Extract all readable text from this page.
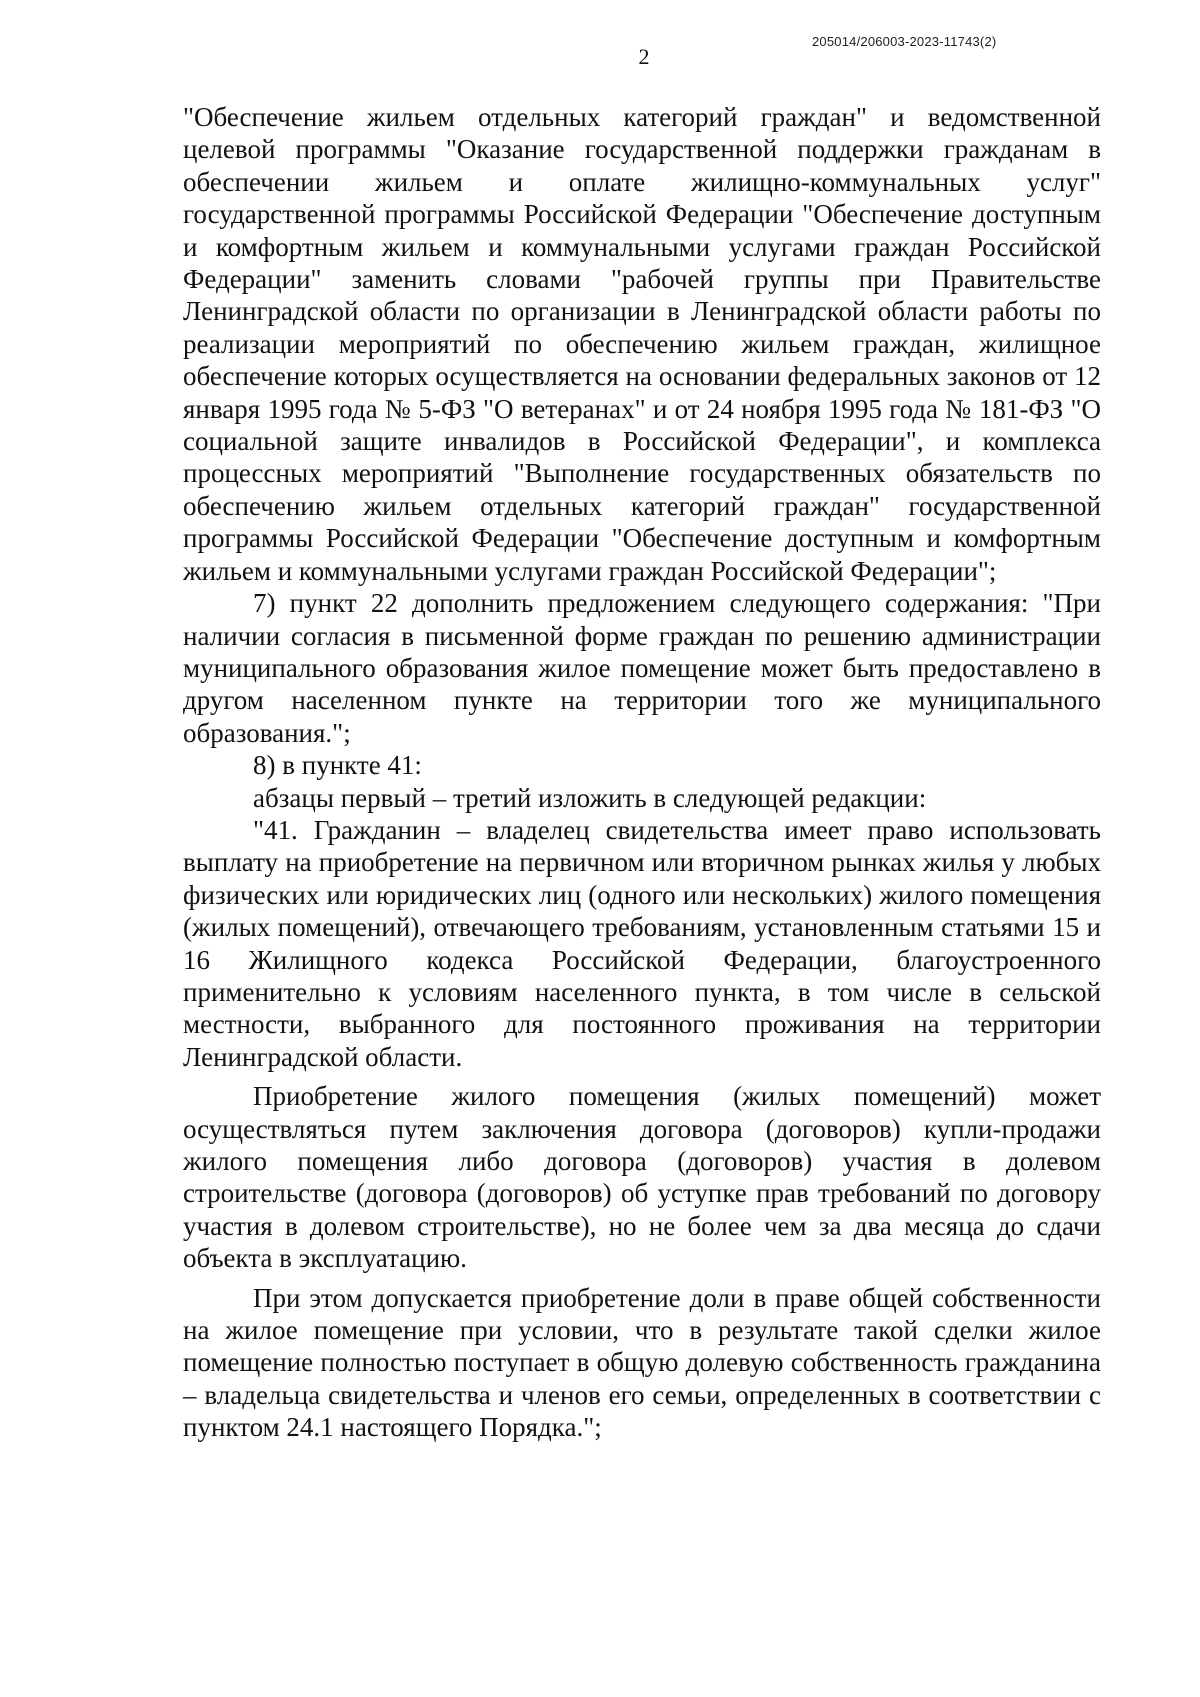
205014/206003-2023-11743(2)
2

"Обеспечение жильем отдельных категорий граждан" и ведомственной целевой программы "Оказание государственной поддержки гражданам в обеспечении жильем и оплате жилищно-коммунальных услуг" государственной программы Российской Федерации "Обеспечение доступным и комфортным жильем и коммунальными услугами граждан Российской Федерации" заменить словами "рабочей группы при Правительстве Ленинградской области по организации в Ленинградской области работы по реализации мероприятий по обеспечению жильем граждан, жилищное обеспечение которых осуществляется на основании федеральных законов от 12 января 1995 года № 5-ФЗ "О ветеранах" и от 24 ноября 1995 года № 181-ФЗ "О социальной защите инвалидов в Российской Федерации", и комплекса процессных мероприятий "Выполнение государственных обязательств по обеспечению жильем отдельных категорий граждан" государственной программы Российской Федерации "Обеспечение доступным и комфортным жильем и коммунальными услугами граждан Российской Федерации";

7) пункт 22 дополнить предложением следующего содержания: "При наличии согласия в письменной форме граждан по решению администрации муниципального образования жилое помещение может быть предоставлено в другом населенном пункте на территории того же муниципального образования.";

8) в пункте 41:

абзацы первый – третий изложить в следующей редакции:

"41. Гражданин – владелец свидетельства имеет право использовать выплату на приобретение на первичном или вторичном рынках жилья у любых физических или юридических лиц (одного или нескольких) жилого помещения (жилых помещений), отвечающего требованиям, установленным статьями 15 и 16 Жилищного кодекса Российской Федерации, благоустроенного применительно к условиям населенного пункта, в том числе в сельской местности, выбранного для постоянного проживания на территории Ленинградской области.

Приобретение жилого помещения (жилых помещений) может осуществляться путем заключения договора (договоров) купли-продажи жилого помещения либо договора (договоров) участия в долевом строительстве (договора (договоров) об уступке прав требований по договору участия в долевом строительстве), но не более чем за два месяца до сдачи объекта в эксплуатацию.

При этом допускается приобретение доли в праве общей собственности на жилое помещение при условии, что в результате такой сделки жилое помещение полностью поступает в общую долевую собственность гражданина – владельца свидетельства и членов его семьи, определенных в соответствии с пунктом 24.1 настоящего Порядка.";
